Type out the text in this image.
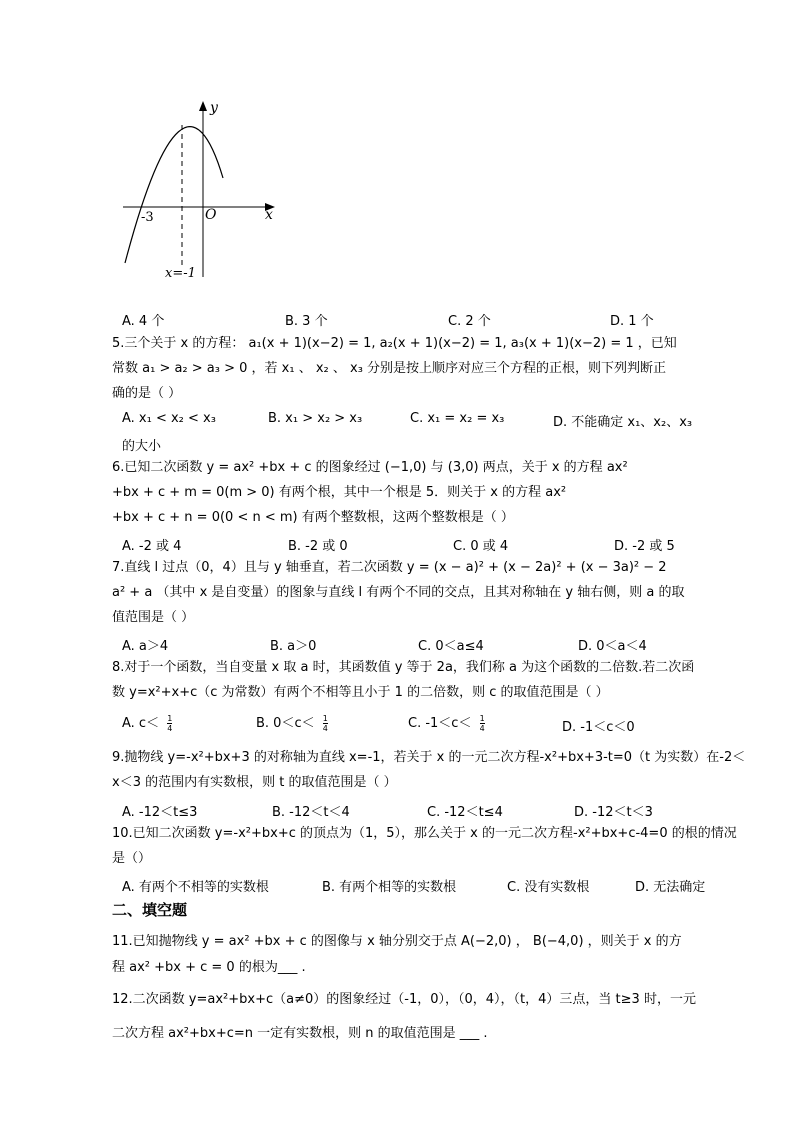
y
x
O
-3
x=-1
A. 4 个	B. 3 个	C. 2 个	D. 1 个
5.三个关于 x 的方程： a₁(x + 1)(x−2) = 1, a₂(x + 1)(x−2) = 1, a₃(x + 1)(x−2) = 1 ，已知
常数 a₁ > a₂ > a₃ > 0 ，若 x₁ 、 x₂ 、 x₃ 分别是按上顺序对应三个方程的正根，则下列判断正
确的是（ ）
A. x₁ < x₂ < x₃	B. x₁ > x₂ > x₃	C. x₁ = x₂ = x₃	D. 不能确定 x₁、x₂、x₃
的大小
6.已知二次函数 y = ax² +bx + c 的图象经过 (−1,0) 与 (3,0) 两点，关于 x 的方程 ax²
+bx + c + m = 0(m > 0) 有两个根，其中一个根是 5．则关于 x 的方程 ax²
+bx + c + n = 0(0 < n < m) 有两个整数根，这两个整数根是（ ）
A. -2 或 4	B. -2 或 0	C. 0 或 4	D. -2 或 5
7.直线 l 过点（0，4）且与 y 轴垂直，若二次函数 y = (x − a)² + (x − 2a)² + (x − 3a)² − 2
a² + a （其中 x 是自变量）的图象与直线 l 有两个不同的交点，且其对称轴在 y 轴右侧，则 a 的取
值范围是（ ）
A. a＞4	B. a＞0	C. 0＜a≤4	D. 0＜a＜4
8.对于一个函数，当自变量 x 取 a 时，其函数值 y 等于 2a，我们称 a 为这个函数的二倍数.若二次函
数 y=x²+x+c（c 为常数）有两个不相等且小于 1 的二倍数，则 c 的取值范围是（ ）
A. $c< \frac{1}{4}$	B. $0<c< \frac{1}{4}$	C. $-1<c< \frac{1}{4}$	D. -1＜c＜0
9.抛物线 y=-x²+bx+3 的对称轴为直线 x=-1，若关于 x 的一元二次方程-x²+bx+3-t=0（t 为实数）在-2＜
x＜3 的范围内有实数根，则 t 的取值范围是（ ）
A. -12＜t≤3	B. -12＜t＜4	C. -12＜t≤4	D. -12＜t＜3
10.已知二次函数 y=-x²+bx+c 的顶点为（1，5），那么关于 x 的一元二次方程-x²+bx+c-4=0 的根的情况
是（）
A. 有两个不相等的实数根	B. 有两个相等的实数根	C. 没有实数根	D. 无法确定
二、填空题
11.已知抛物线 y = ax² +bx + c 的图像与 x 轴分别交于点 A(−2,0) ， B(−4,0) ，则关于 x 的方
程 ax² +bx + c = 0 的根为___ .
12.二次函数 y=ax²+bx+c（a≠0）的图象经过（-1，0），（0，4），（t，4）三点，当 t≥3 时，一元
二次方程 ax²+bx+c=n 一定有实数根，则 n 的取值范围是 ___ .
